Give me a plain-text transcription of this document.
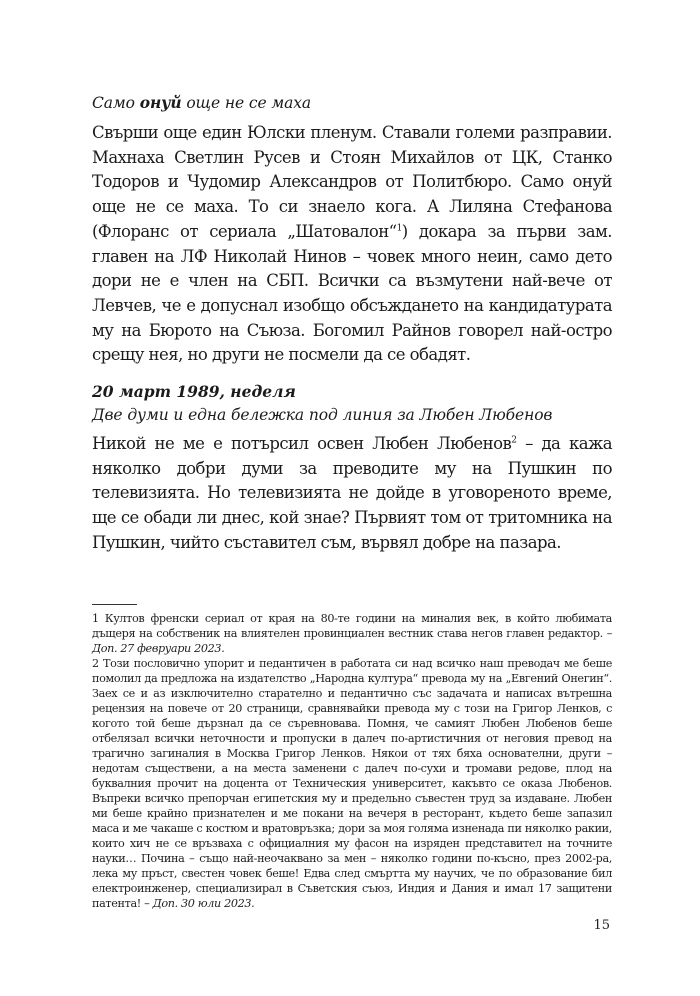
Само онуй още не се маха

Свърши още един Юлски пленум. Ставали големи разправии. Махнаха Светлин Русев и Стоян Михайлов от ЦК, Станко Тодоров и Чудомир Александров от Политбюро. Само онуй още не се маха. То си знаело кога. А Лиляна Стефанова (Флоранс от сериала „Шатовалон“$^1$) докара за първи зам. главен на ЛФ Николай Нинов – човек много неин, само дето дори не е член на СБП. Всички са възмутени най-вече от Левчев, че е допуснал изобщо обсъждането на кандидатурата му на Бюрото на Съюза. Богомил Райнов говорел най-остро срещу нея, но други не посмели да се обадят.

20 март 1989, неделя
Две думи и една бележка под линия за Любен Любенов

Никой не ме е потърсил освен Любен Любенов$^2$ – да кажа няколко добри думи за преводите му на Пушкин по телевизията. Но телевизията не дойде в уговореното време, ще се обади ли днес, кой знае? Първият том от тритомника на Пушкин, чийто съставител съм, вървял добре на пазара.

1 Култов френски сериал от края на 80-те години на миналия век, в който любимата дъщеря на собственик на влиятелен провинциален вестник става негов главен редактор. – Доп. 27 февруари 2023.

2 Този пословично упорит и педантичен в работата си над всичко наш преводач ме беше помолил да предложа на издателство „Народна култура“ превода му на „Евгений Онегин“. Заех се и аз изключително старателно и педантично със задачата и написах вътрешна рецензия на повече от 20 страници, сравнявайки превода му с този на Григор Ленков, с когото той беше дързнал да се съревновава. Помня, че самият Любен Любенов беше отбелязал всички неточности и пропуски в далеч по-артистичния от неговия превод на трагично загиналия в Москва Григор Ленков. Някои от тях бяха основателни, други – недотам съществени, а на места заменени с далеч по-сухи и тромави редове, плод на буквалния прочит на доцента от Техническия университет, какъвто се оказа Любенов. Въпреки всичко препорчан египетския му и предельно съвестен труд за издаване. Любен ми беше крайно признателен и ме покани на вечеря в ресторант, където беше запазил маса и ме чакаше с костюм и вратовръзка; дори за моя голяма изненада пи няколко ракии, които хич не се връзваха с официалния му фасон на изряден представител на точните науки… Почина – също най-неочаквано за мен – няколко години по-късно, през 2002-ра, лека му пръст, свестен човек беше! Едва след смъртта му научих, че по образование бил електроинженер, специализирал в Съветския съюз, Индия и Дания и имал 17 защитени патента! – Доп. 30 юли 2023.

15
